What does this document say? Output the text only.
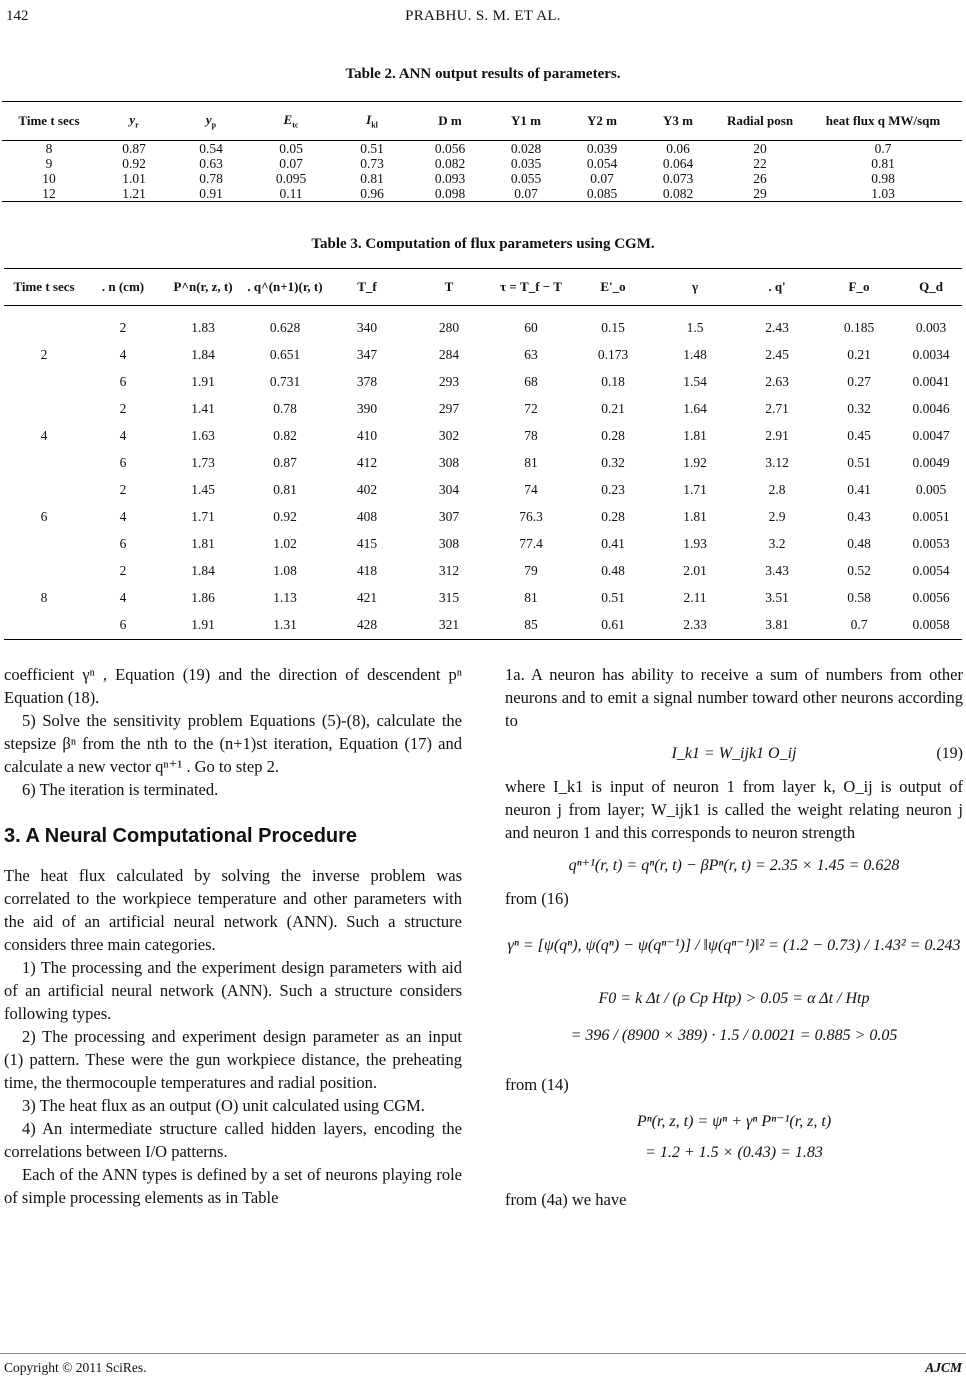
142	PRABHU. S. M. ET AL.
Table 2. ANN output results of parameters.
Time t secs	$y_r$	$y_p$	$E_{tc}$	$I_{kl}$	D m	Y1 m	Y2 m	Y3 m	Radial posn	heat flux q MW/sqm
8	0.87	0.54	0.05	0.51	0.056	0.028	0.039	0.06	20	0.7
9	0.92	0.63	0.07	0.73	0.082	0.035	0.054	0.064	22	0.81
10	1.01	0.78	0.095	0.81	0.093	0.055	0.07	0.073	26	0.98
12	1.21	0.91	0.11	0.96	0.098	0.07	0.085	0.082	29	1.03
Table 3. Computation of flux parameters using CGM.
Time t secs	. n (cm)	P^n(r, z, t)	. q^(n+1)(r, t)	T_f	T	τ = T_f − T	E'_o	γ	. q'	F_o	Q_d
	2	1.83	0.628	340	280	60	0.15	1.5	2.43	0.185	0.003
2	4	1.84	0.651	347	284	63	0.173	1.48	2.45	0.21	0.0034
	6	1.91	0.731	378	293	68	0.18	1.54	2.63	0.27	0.0041
	2	1.41	0.78	390	297	72	0.21	1.64	2.71	0.32	0.0046
4	4	1.63	0.82	410	302	78	0.28	1.81	2.91	0.45	0.0047
	6	1.73	0.87	412	308	81	0.32	1.92	3.12	0.51	0.0049
	2	1.45	0.81	402	304	74	0.23	1.71	2.8	0.41	0.005
6	4	1.71	0.92	408	307	76.3	0.28	1.81	2.9	0.43	0.0051
	6	1.81	1.02	415	308	77.4	0.41	1.93	3.2	0.48	0.0053
	2	1.84	1.08	418	312	79	0.48	2.01	3.43	0.52	0.0054
8	4	1.86	1.13	421	315	81	0.51	2.11	3.51	0.58	0.0056
	6	1.91	1.31	428	321	85	0.61	2.33	3.81	0.7	0.0058

coefficient γⁿ , Equation (19) and the direction of descendent pⁿ Equation (18).

5) Solve the sensitivity problem Equations (5)-(8), calculate the stepsize βⁿ from the nth to the (n+1)st iteration, Equation (17) and calculate a new vector qⁿ⁺¹ . Go to step 2.

6) The iteration is terminated.

3. A Neural Computational Procedure

The heat flux calculated by solving the inverse problem was correlated to the workpiece temperature and other parameters with the aid of an artificial neural network (ANN). Such a structure considers three main categories.

1) The processing and the experiment design parameters with aid of an artificial neural network (ANN). Such a structure considers following types.

2) The processing and experiment design parameter as an input (1) pattern. These were the gun workpiece distance, the preheating time, the thermocouple temperatures and radial position.

3) The heat flux as an output (O) unit calculated using CGM.

4) An intermediate structure called hidden layers, encoding the correlations between I/O patterns.

Each of the ANN types is defined by a set of neurons playing role of simple processing elements as in Table

1a. A neuron has ability to receive a sum of numbers from other neurons and to emit a signal number toward other neurons according to

I_k1 = W_ijk1 O_ij	(19)

where I_k1 is input of neuron 1 from layer k, O_ij is output of neuron j from layer; W_ijk1 is called the weight relating neuron j and neuron 1 and this corresponds to neuron strength

qⁿ⁺¹(r, t) = qⁿ(r, t) − βPⁿ(r, t) = 2.35 × 1.45 = 0.628

from (16)

γⁿ = [ψ(qⁿ), ψ(qⁿ) − ψ(qⁿ⁻¹)] / ‖ψ(qⁿ⁻¹)‖² = (1.2 − 0.73) / 1.43² = 0.243
F0 = k Δt / (ρ Cp Htp) > 0.05 = α Δt / Htp
= 396 / (8900 × 389) · 1.5 / 0.0021 = 0.885 > 0.05

from (14)

Pⁿ(r, z, t) = ψⁿ + γⁿ Pⁿ⁻¹(r, z, t)
= 1.2 + 1.5 × (0.43) = 1.83

from (4a) we have

Copyright © 2011 SciRes.	AJCM
